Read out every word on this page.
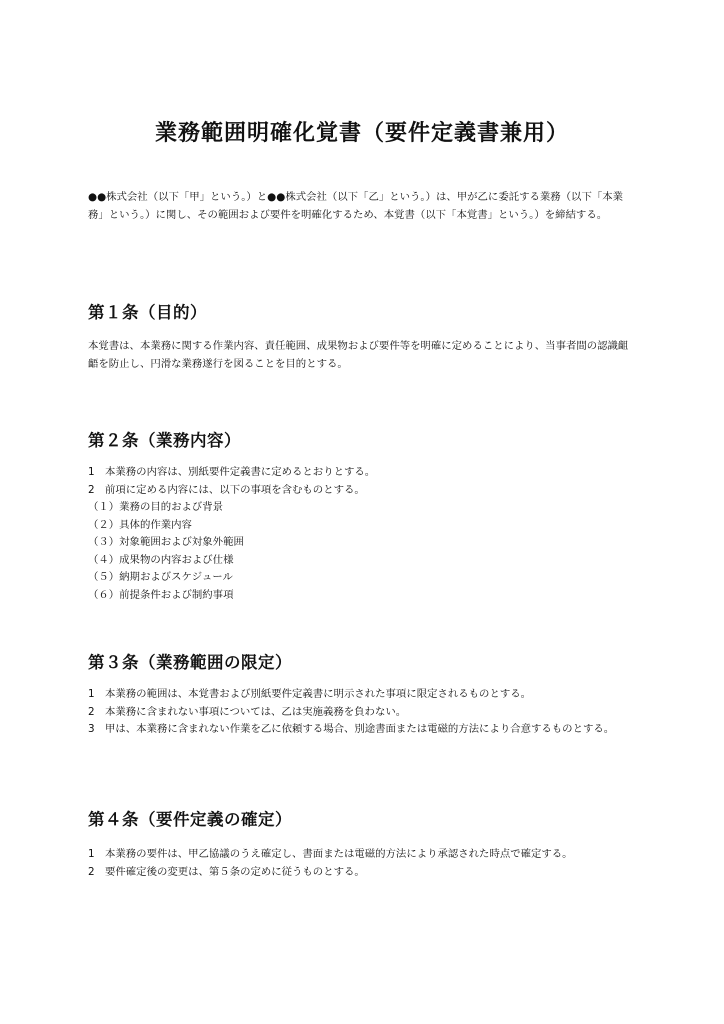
業務範囲明確化覚書（要件定義書兼用）

●●株式会社（以下「甲」という。）と●●株式会社（以下「乙」という。）は、甲が乙に委託する業務（以下「本業務」という。）に関し、その範囲および要件を明確化するため、本覚書（以下「本覚書」という。）を締結する。

第１条（目的）

本覚書は、本業務に関する作業内容、責任範囲、成果物および要件等を明確に定めることにより、当事者間の認識齟齬を防止し、円滑な業務遂行を図ることを目的とする。

第２条（業務内容）
1　本業務の内容は、別紙要件定義書に定めるとおりとする。
2　前項に定める内容には、以下の事項を含むものとする。
（１）業務の目的および背景
（２）具体的作業内容
（３）対象範囲および対象外範囲
（４）成果物の内容および仕様
（５）納期およびスケジュール
（６）前提条件および制約事項
第３条（業務範囲の限定）
1　本業務の範囲は、本覚書および別紙要件定義書に明示された事項に限定されるものとする。
2　本業務に含まれない事項については、乙は実施義務を負わない。
3　甲は、本業務に含まれない作業を乙に依頼する場合、別途書面または電磁的方法により合意するものとする。
第４条（要件定義の確定）
1　本業務の要件は、甲乙協議のうえ確定し、書面または電磁的方法により承認された時点で確定する。
2　要件確定後の変更は、第５条の定めに従うものとする。
